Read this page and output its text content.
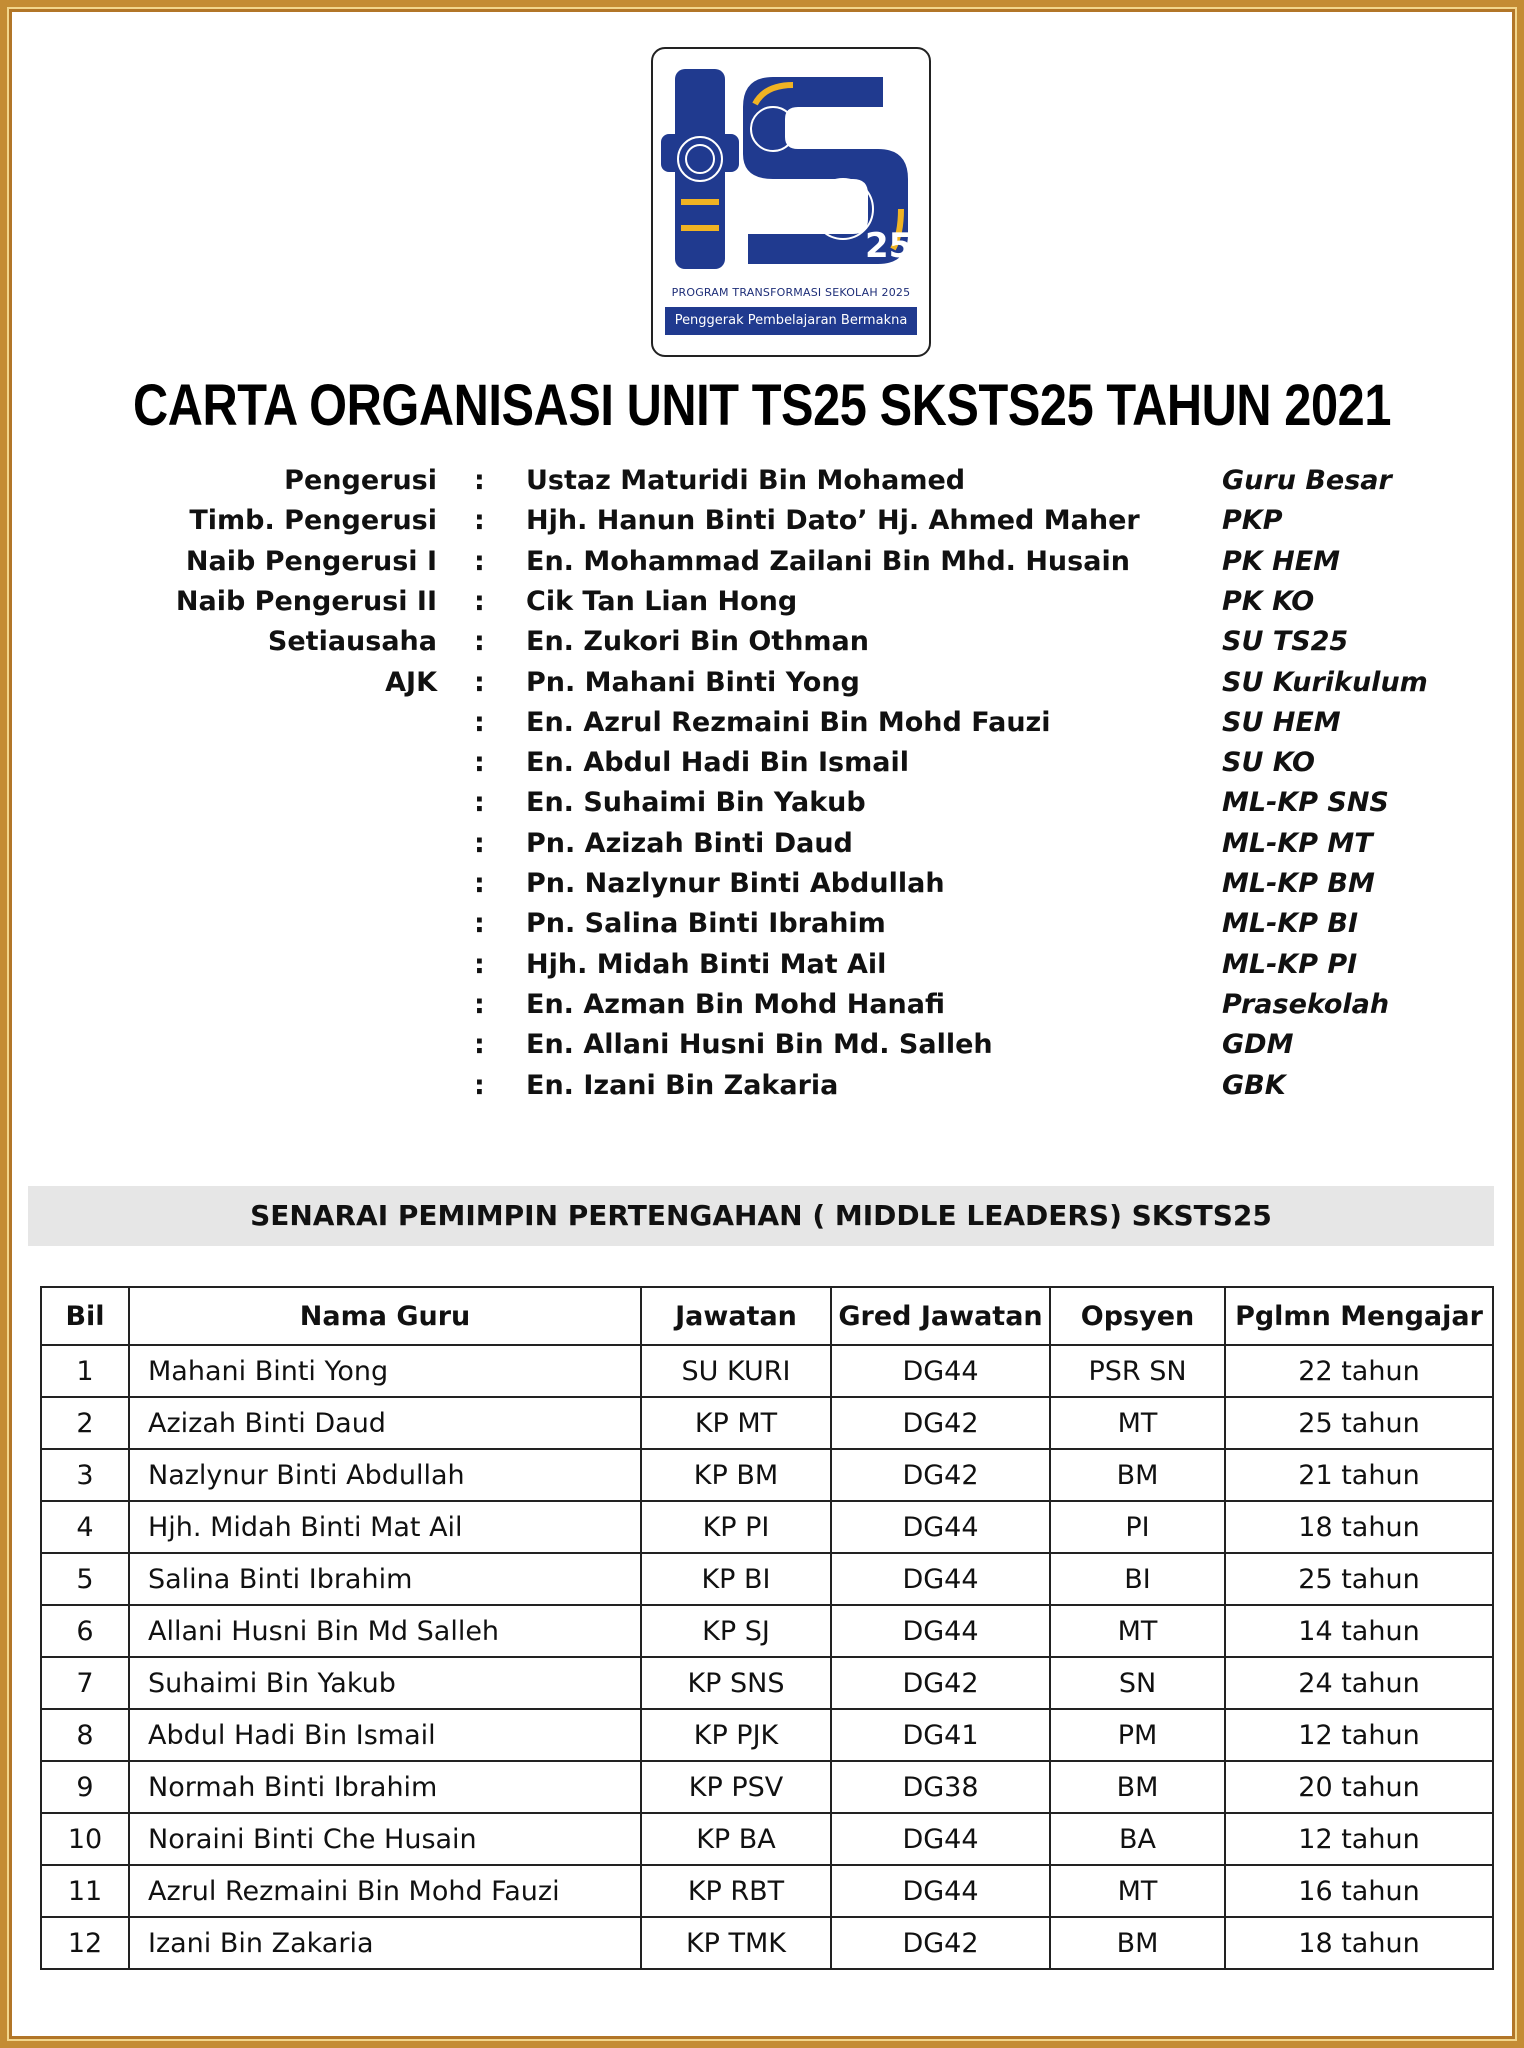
25
PROGRAM TRANSFORMASI SEKOLAH 2025
Penggerak Pembelajaran Bermakna
CARTA ORGANISASI UNIT TS25 SKSTS25 TAHUN 2021
Pengerusi : Ustaz Maturidi Bin Mohamed	Guru Besar
Timb. Pengerusi : Hjh. Hanun Binti Dato’ Hj. Ahmed Maher	PKP
Naib Pengerusi I : En. Mohammad Zailani Bin Mhd. Husain	PK HEM
Naib Pengerusi II : Cik Tan Lian Hong	PK KO
Setiausaha : En. Zukori Bin Othman	SU TS25
AJK : Pn. Mahani Binti Yong	SU Kurikulum
: En. Azrul Rezmaini Bin Mohd Fauzi	SU HEM
: En. Abdul Hadi Bin Ismail	SU KO
: En. Suhaimi Bin Yakub	ML-KP SNS
: Pn. Azizah Binti Daud	ML-KP MT
: Pn. Nazlynur Binti Abdullah	ML-KP BM
: Pn. Salina Binti Ibrahim	ML-KP BI
: Hjh. Midah Binti Mat Ail	ML-KP PI
: En. Azman Bin Mohd Hanafi	Prasekolah
: En. Allani Husni Bin Md. Salleh	GDM
: En. Izani Bin Zakaria	GBK
SENARAI PEMIMPIN PERTENGAHAN ( MIDDLE LEADERS) SKSTS25
Bil	Nama Guru	Jawatan	Gred Jawatan	Opsyen	Pglmn Mengajar
1	Mahani Binti Yong	SU KURI	DG44	PSR SN	22 tahun
2	Azizah Binti Daud	KP MT	DG42	MT	25 tahun
3	Nazlynur Binti Abdullah	KP BM	DG42	BM	21 tahun
4	Hjh. Midah Binti Mat Ail	KP PI	DG44	PI	18 tahun
5	Salina Binti Ibrahim	KP BI	DG44	BI	25 tahun
6	Allani Husni Bin Md Salleh	KP SJ	DG44	MT	14 tahun
7	Suhaimi Bin Yakub	KP SNS	DG42	SN	24 tahun
8	Abdul Hadi Bin Ismail	KP PJK	DG41	PM	12 tahun
9	Normah Binti Ibrahim	KP PSV	DG38	BM	20 tahun
10	Noraini Binti Che Husain	KP BA	DG44	BA	12 tahun
11	Azrul Rezmaini Bin Mohd Fauzi	KP RBT	DG44	MT	16 tahun
12	Izani Bin Zakaria	KP TMK	DG42	BM	18 tahun
